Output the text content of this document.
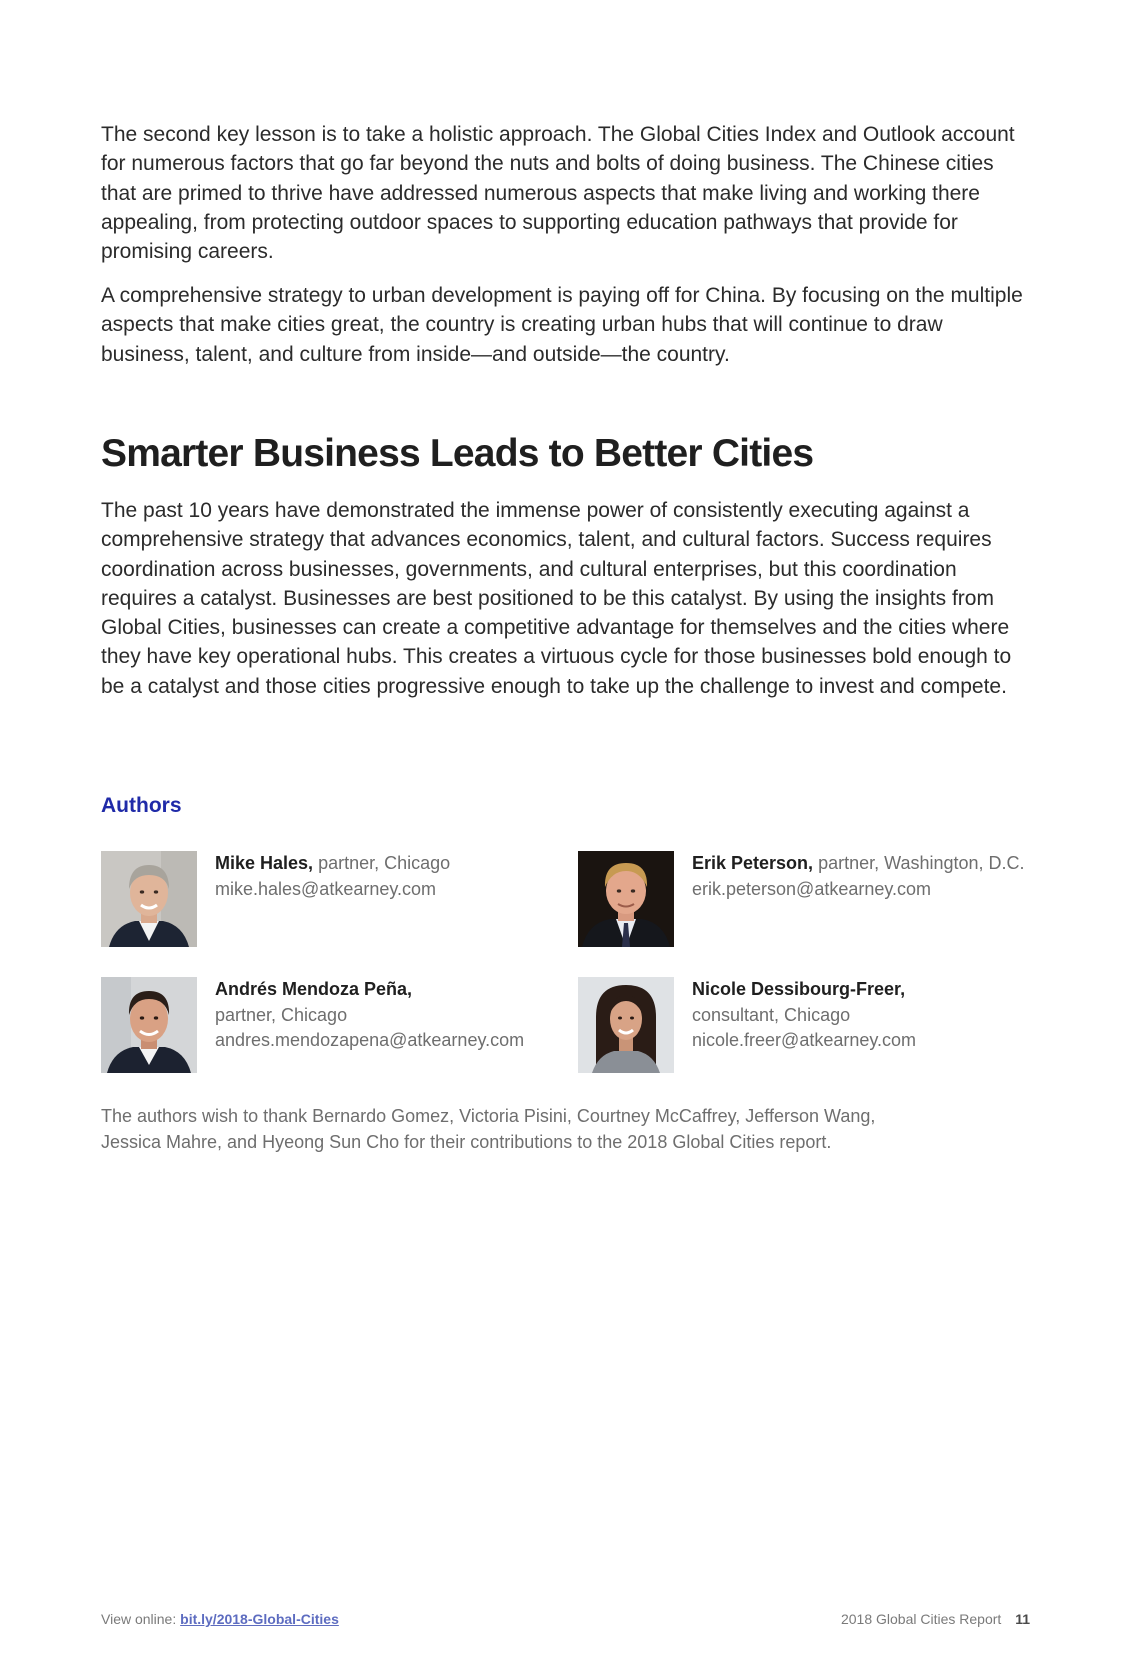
The second key lesson is to take a holistic approach. The Global Cities Index and Outlook account for numerous factors that go far beyond the nuts and bolts of doing business. The Chinese cities that are primed to thrive have addressed numerous aspects that make living and working there appealing, from protecting outdoor spaces to supporting education pathways that provide for promising careers.

A comprehensive strategy to urban development is paying off for China. By focusing on the multiple aspects that make cities great, the country is creating urban hubs that will continue to draw business, talent, and culture from inside—and outside—the country.

Smarter Business Leads to Better Cities

The past 10 years have demonstrated the immense power of consistently executing against a comprehensive strategy that advances economics, talent, and cultural factors. Success requires coordination across businesses, governments, and cultural enterprises, but this coordination requires a catalyst. Businesses are best positioned to be this catalyst. By using the insights from Global Cities, businesses can create a competitive advantage for themselves and the cities where they have key operational hubs. This creates a virtuous cycle for those businesses bold enough to be a catalyst and those cities progressive enough to take up the challenge to invest and compete.

Authors
Mike Hales, partner, Chicago
mike.hales@atkearney.com
Erik Peterson, partner, Washington, D.C.
erik.peterson@atkearney.com
Andrés Mendoza Peña,
partner, Chicago
andres.mendozapena@atkearney.com
Nicole Dessibourg-Freer,
consultant, Chicago
nicole.freer@atkearney.com

The authors wish to thank Bernardo Gomez, Victoria Pisini, Courtney McCaffrey, Jefferson Wang, Jessica Mahre, and Hyeong Sun Cho for their contributions to the 2018 Global Cities report.

View online: bit.ly/2018-Global-Cities	2018 Global Cities Report 11
